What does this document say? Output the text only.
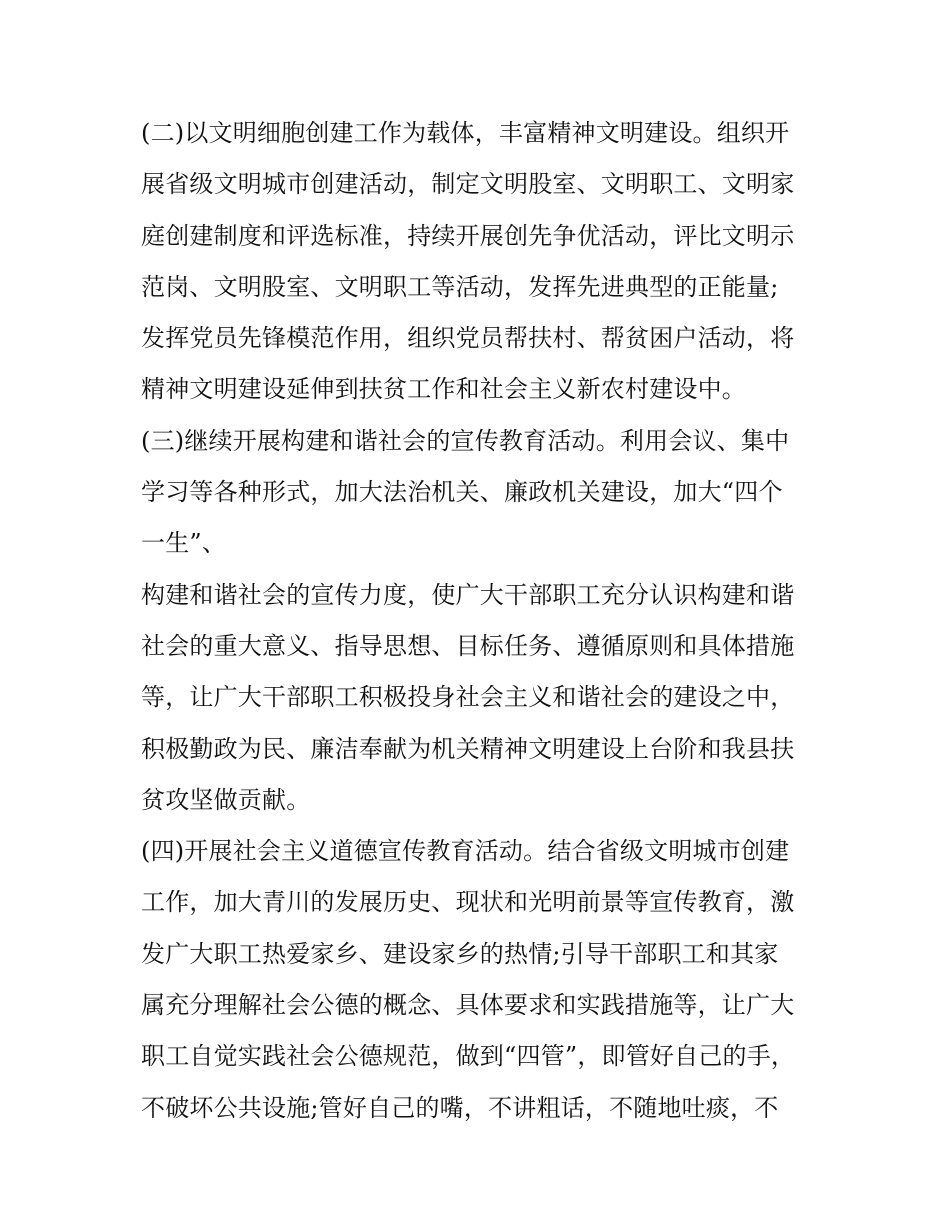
(二)以文明细胞创建工作为载体，丰富精神文明建设。组织开
展省级文明城市创建活动，制定文明股室、文明职工、文明家
庭创建制度和评选标准，持续开展创先争优活动，评比文明示
范岗、文明股室、文明职工等活动，发挥先进典型的正能量;
发挥党员先锋模范作用，组织党员帮扶村、帮贫困户活动，将
精神文明建设延伸到扶贫工作和社会主义新农村建设中。
(三)继续开展构建和谐社会的宣传教育活动。利用会议、集中
学习等各种形式，加大法治机关、廉政机关建设，加大“四个
一生”、
构建和谐社会的宣传力度，使广大干部职工充分认识构建和谐
社会的重大意义、指导思想、目标任务、遵循原则和具体措施
等，让广大干部职工积极投身社会主义和谐社会的建设之中，
积极勤政为民、廉洁奉献为机关精神文明建设上台阶和我县扶
贫攻坚做贡献。
(四)开展社会主义道德宣传教育活动。结合省级文明城市创建
工作，加大青川的发展历史、现状和光明前景等宣传教育，激
发广大职工热爱家乡、建设家乡的热情;引导干部职工和其家
属充分理解社会公德的概念、具体要求和实践措施等，让广大
职工自觉实践社会公德规范，做到“四管”，即管好自己的手，
不破坏公共设施;管好自己的嘴，不讲粗话，不随地吐痰，不
